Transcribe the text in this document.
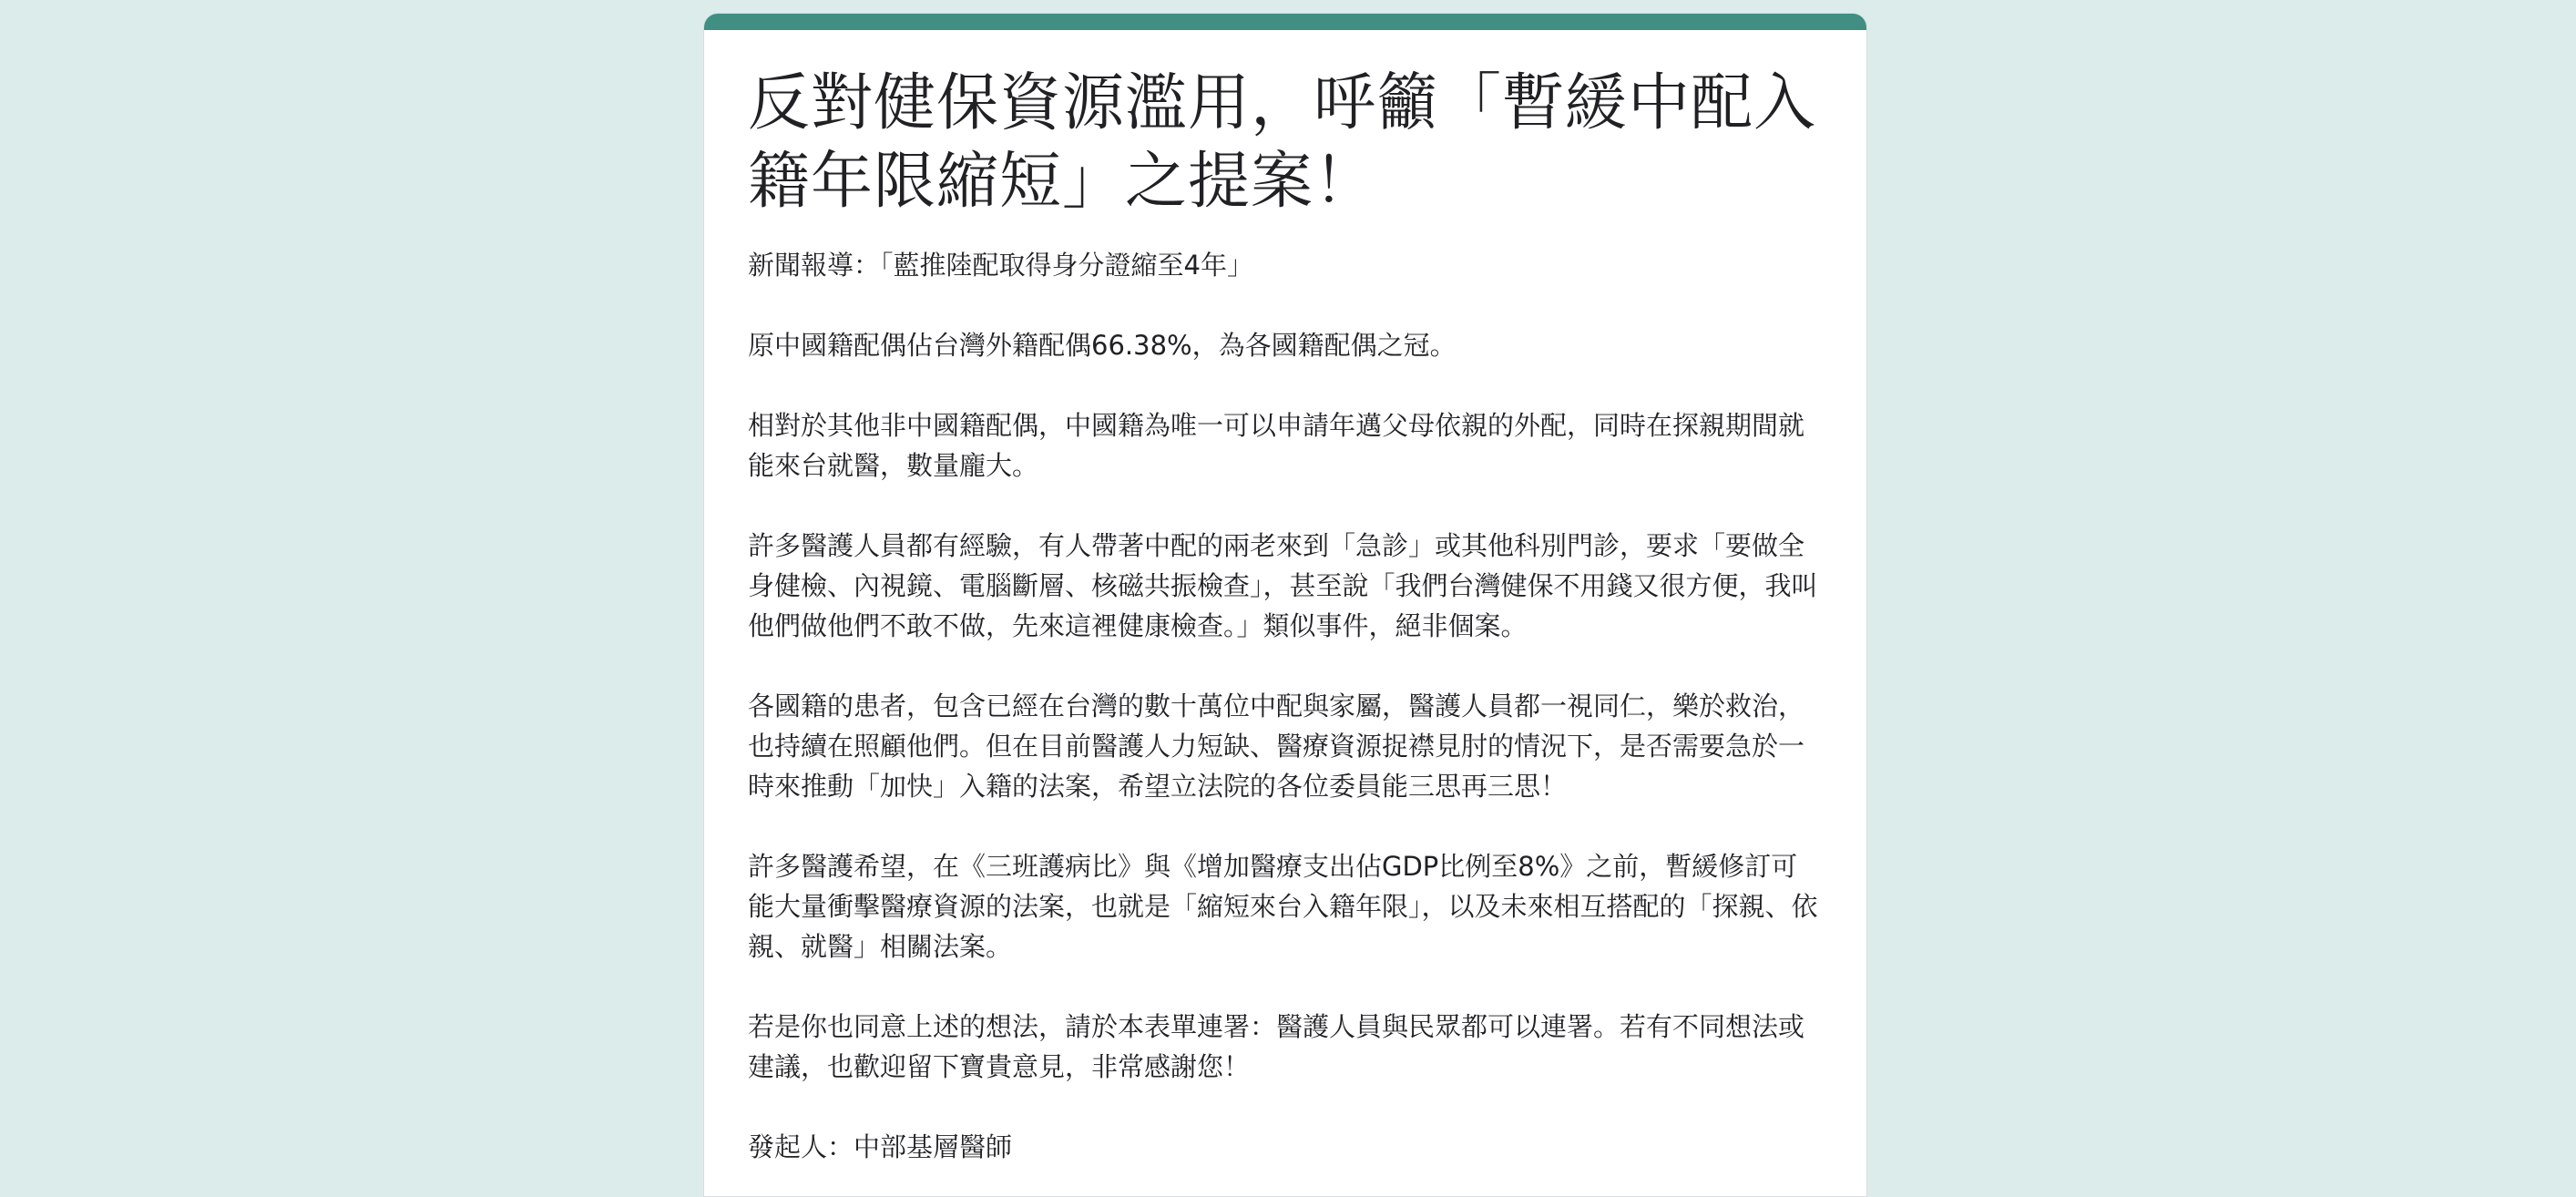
反對健保資源濫用，呼籲「暫緩中配入籍年限縮短」之提案！

新聞報導：「藍推陸配取得身分證縮至4年」

原中國籍配偶佔台灣外籍配偶66.38%，為各國籍配偶之冠。

相對於其他非中國籍配偶，中國籍為唯一可以申請年邁父母依親的外配，同時在探親期間就能來台就醫，數量龐大。

許多醫護人員都有經驗，有人帶著中配的兩老來到「急診」或其他科別門診，要求「要做全身健檢、內視鏡、電腦斷層、核磁共振檢查」，甚至說「我們台灣健保不用錢又很方便，我叫他們做他們不敢不做，先來這裡健康檢查。」類似事件，絕非個案。

各國籍的患者，包含已經在台灣的數十萬位中配與家屬，醫護人員都一視同仁，樂於救治，也持續在照顧他們。但在目前醫護人力短缺、醫療資源捉襟見肘的情況下，是否需要急於一時來推動「加快」入籍的法案，希望立法院的各位委員能三思再三思！

許多醫護希望，在《三班護病比》與《增加醫療支出佔GDP比例至8%》之前，暫緩修訂可能大量衝擊醫療資源的法案，也就是「縮短來台入籍年限」，以及未來相互搭配的「探親、依親、就醫」相關法案。

若是你也同意上述的想法，請於本表單連署：醫護人員與民眾都可以連署。若有不同想法或建議，也歡迎留下寶貴意見，非常感謝您！

發起人：中部基層醫師
